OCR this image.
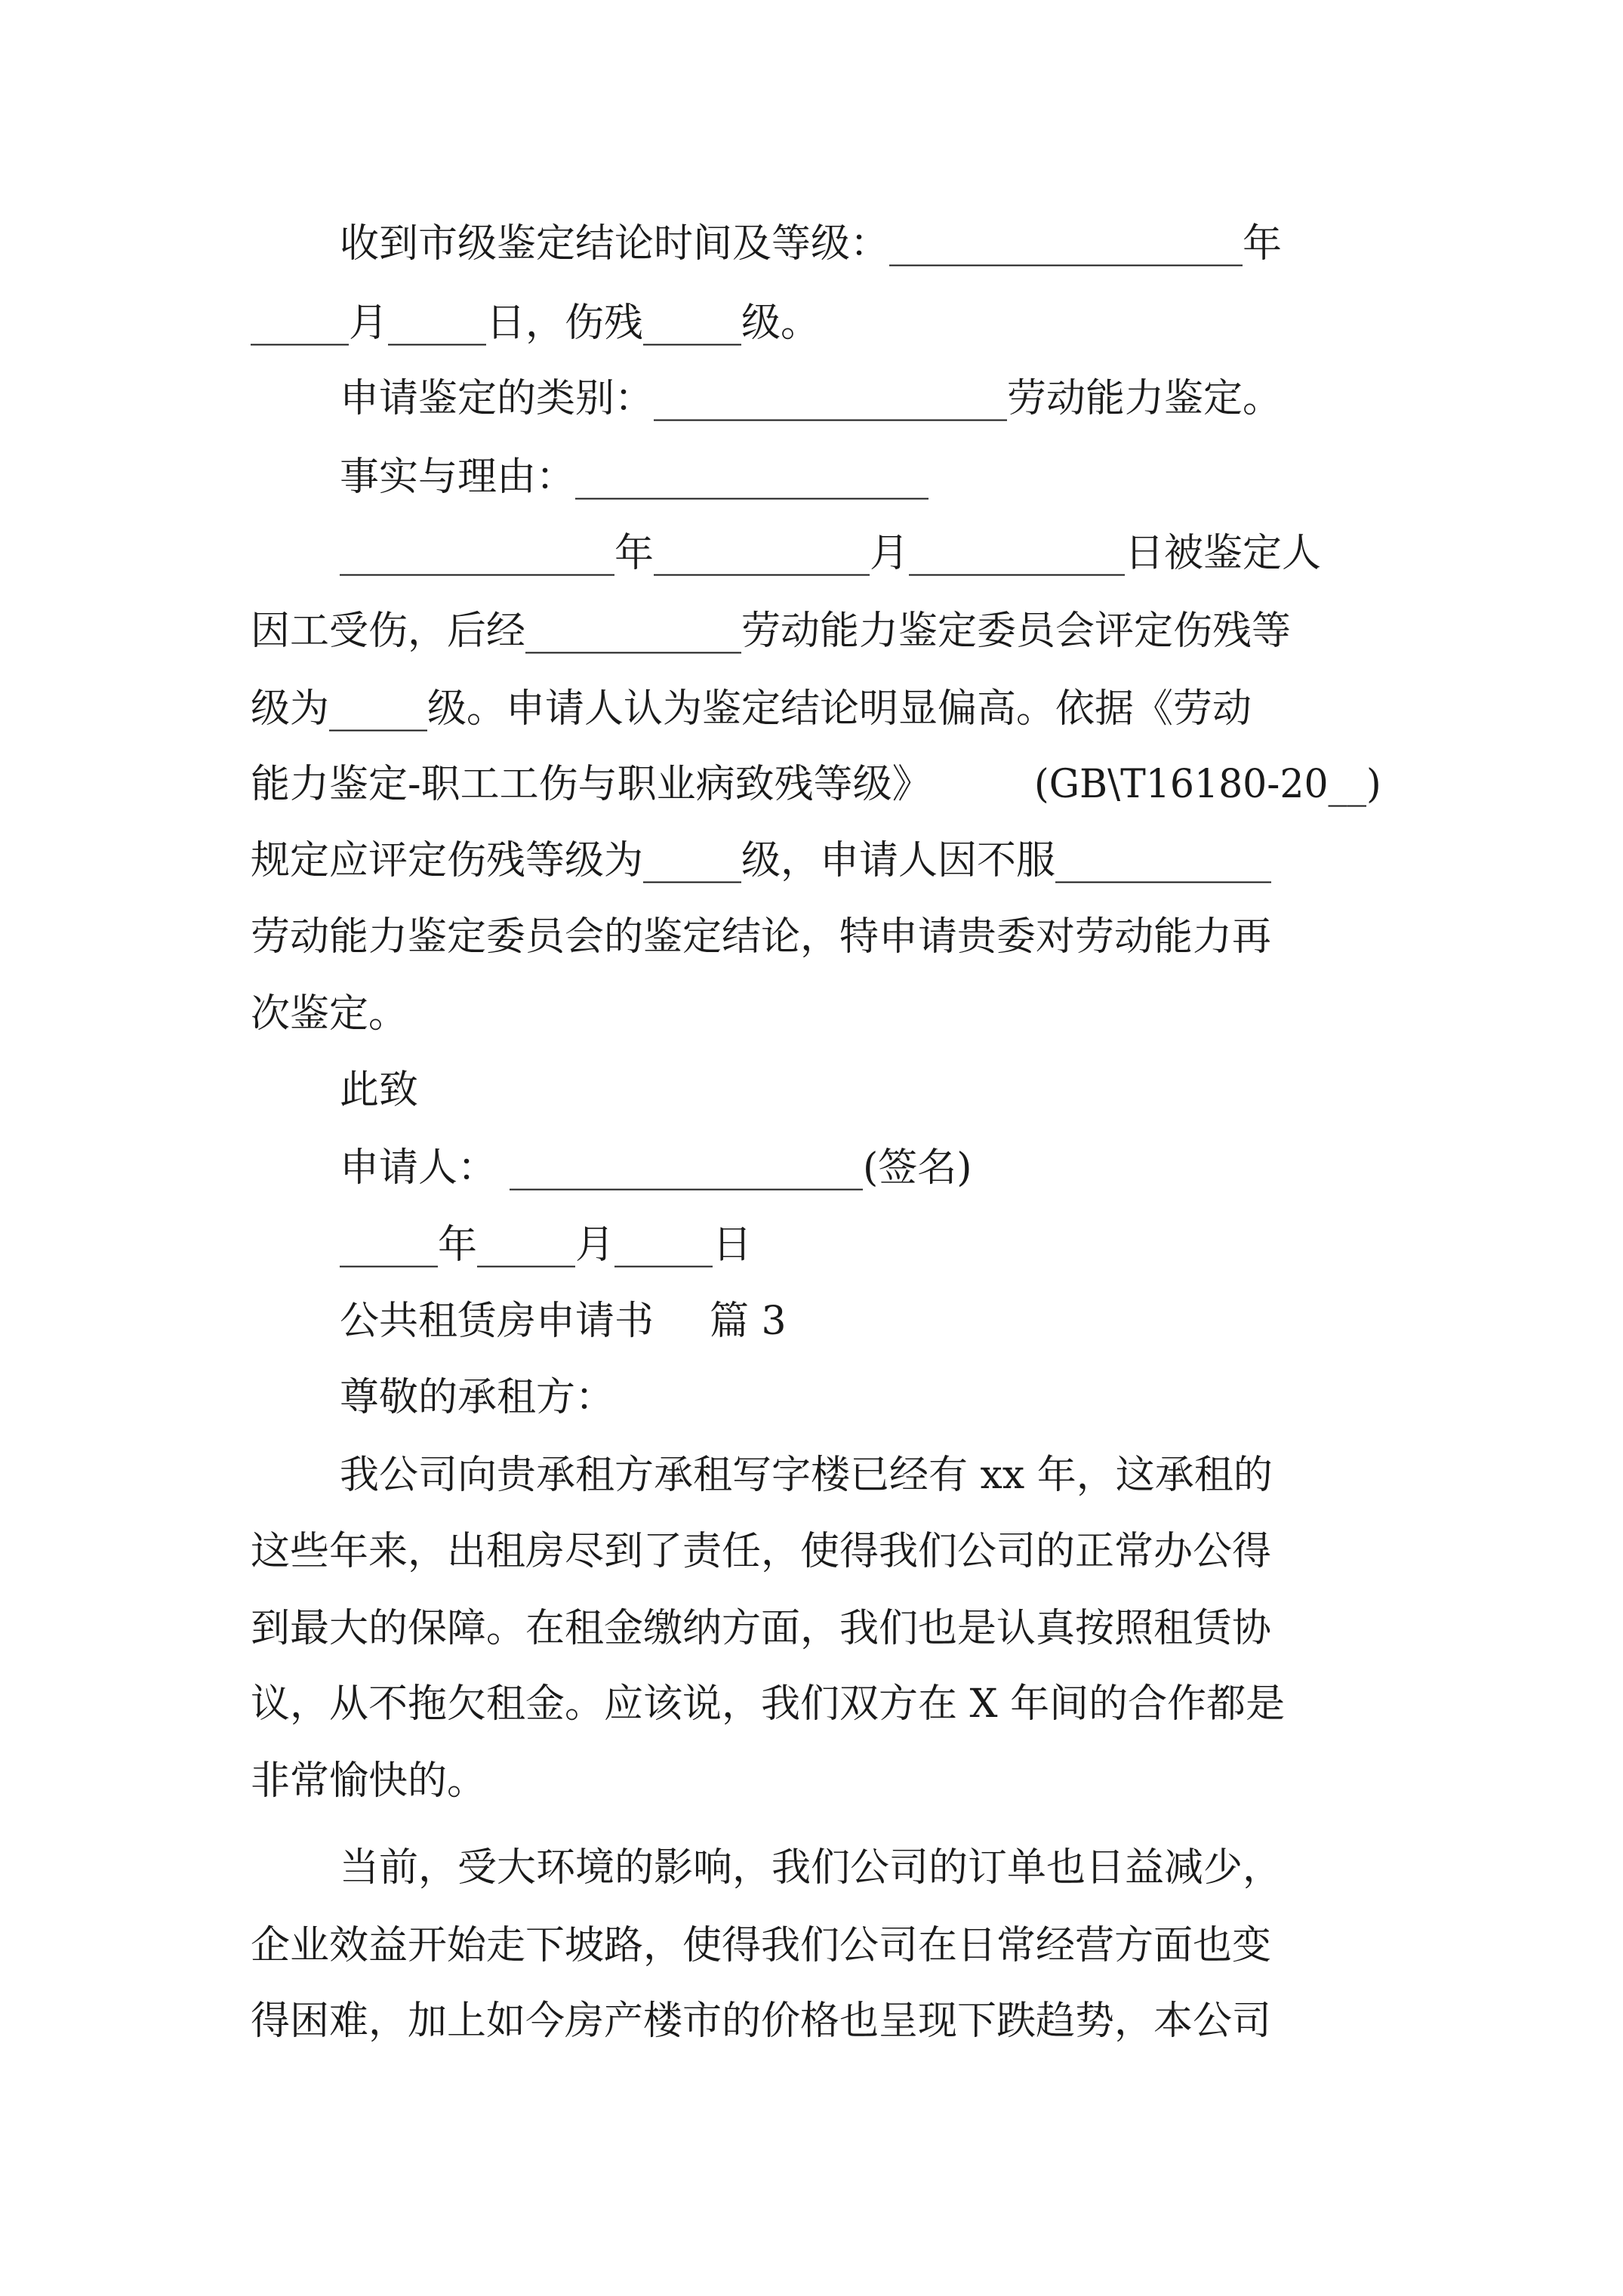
收到市级鉴定结论时间及等级：__________________年

_____月_____日，伤残_____级。

申请鉴定的类别：__________________劳动能力鉴定。

事实与理由：__________________

______________年___________月___________日被鉴定人

因工受伤，后经___________劳动能力鉴定委员会评定伤残等

级为_____级。申请人认为鉴定结论明显偏高。依据《劳动

能力鉴定-职工工伤与职业病致残等级》

	(GB\T16180-20__)

规定应评定伤残等级为_____级，申请人因不服___________

劳动能力鉴定委员会的鉴定结论，特申请贵委对劳动能力再

次鉴定。

此致

申请人：

__________________(签名)

_____年_____月_____日

公共租赁房申请书

篇 3

尊敬的承租方：

我公司向贵承租方承租写字楼已经有 xx 年，这承租的

这些年来，出租房尽到了责任，使得我们公司的正常办公得

到最大的保障。在租金缴纳方面，我们也是认真按照租赁协

议，从不拖欠租金。应该说，我们双方在 X 年间的合作都是

非常愉快的。

当前，受大环境的影响，我们公司的订单也日益减少，

企业效益开始走下坡路，使得我们公司在日常经营方面也变

得困难，加上如今房产楼市的价格也呈现下跌趋势，本公司
